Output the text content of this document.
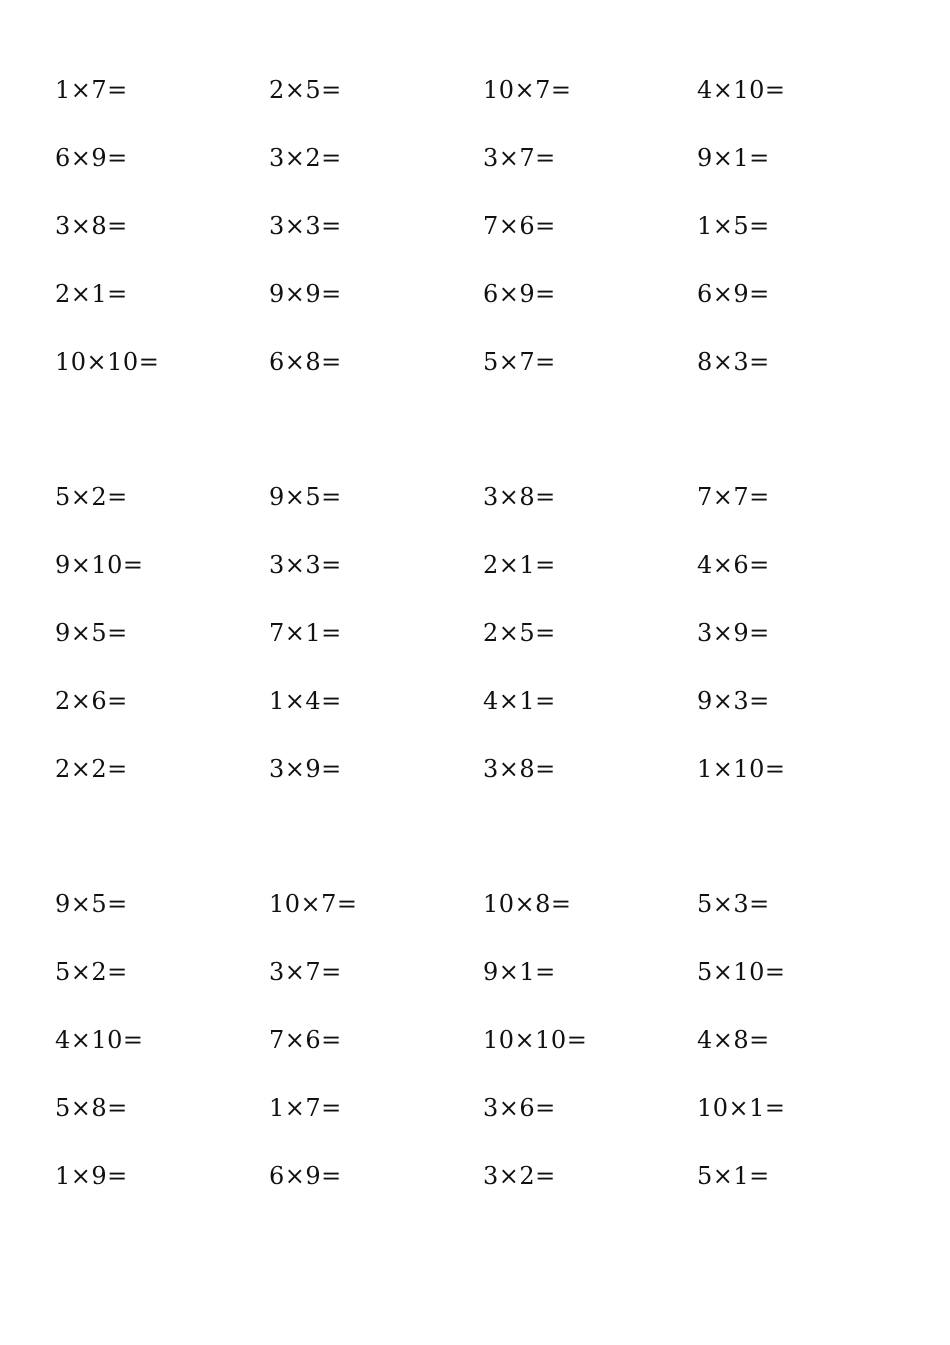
1×7=	2×5=	10×7=	4×10=
6×9=	3×2=	3×7=	9×1=
3×8=	3×3=	7×6=	1×5=
2×1=	9×9=	6×9=	6×9=
10×10=	6×8=	5×7=	8×3=
5×2=	9×5=	3×8=	7×7=
9×10=	3×3=	2×1=	4×6=
9×5=	7×1=	2×5=	3×9=
2×6=	1×4=	4×1=	9×3=
2×2=	3×9=	3×8=	1×10=
9×5=	10×7=	10×8=	5×3=
5×2=	3×7=	9×1=	5×10=
4×10=	7×6=	10×10=	4×8=
5×8=	1×7=	3×6=	10×1=
1×9=	6×9=	3×2=	5×1=
